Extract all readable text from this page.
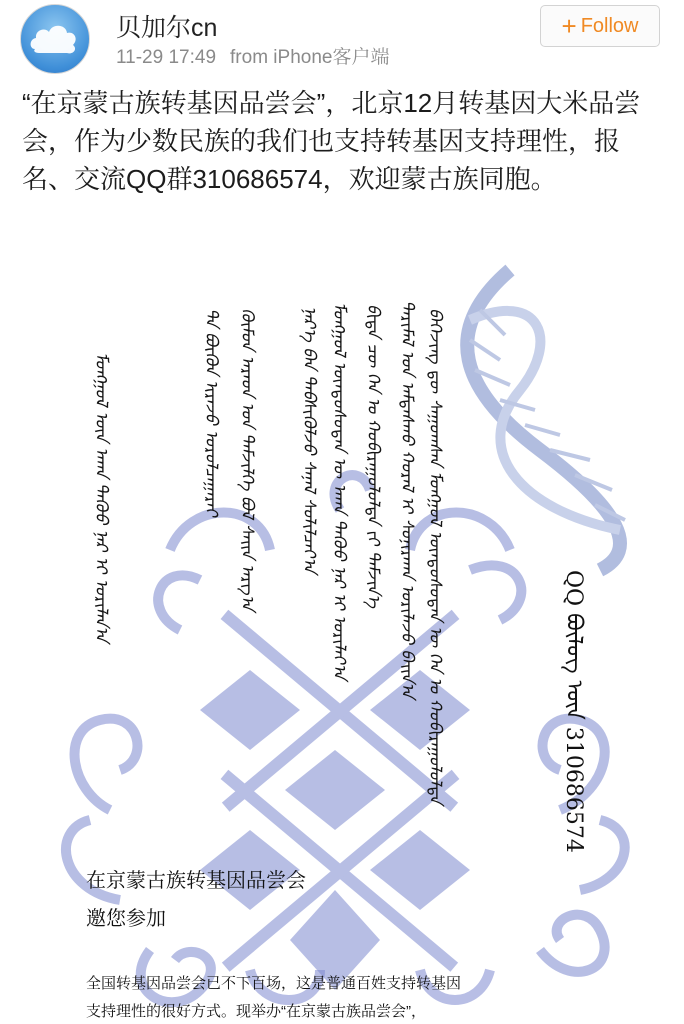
贝加尔cn
11-29 17:49 from iPhone客户端
+ Follow
“在京蒙古族转基因品尝会”，北京12月转基因大米品尝会，作为少数民族的我们也支持转基因支持理性，报名、交流QQ群310686574，欢迎蒙古族同胞。
ᠪᠡᠭᠡᠵᠢᠩ ᠳᠦ ᠰᠠᠭᠤᠭᠰᠠᠨ ᠮᠣᠩᠭᠣᠯ ᠦᠨᠳᠦᠰᠦᠲᠡᠨ ᠦ ᠭᠡᠨ ᠤ ᠬᠤᠪᠢᠷᠠᠭᠤᠯᠤᠯᠲᠠ
ᠲᠠᠷᠢᠮᠠᠯ ᠤᠨ ᠠᠮᠲᠠᠰᠬᠤ ᠬᠤᠷᠠᠯ ᠢ ᠰᠣᠨᠢᠷᠬᠠᠨ ᠤᠷᠢᠯᠠᠵᠤ ᠪᠠᠢᠨ᠎ᠠ
ᠪᠢᠳᠡ ᠴᠦ ᠭᠡᠨ ᠤ ᠬᠤᠪᠢᠷᠠᠭᠤᠯᠤᠯᠲᠠ ᠵᠢ ᠳᠡᠮᠵᠢᠨ᠎ᠡ
ᠮᠣᠩᠭᠣᠯ ᠦᠨᠳᠦᠰᠦᠲᠡᠨ ᠦ ᠠᠬᠠ ᠳᠡᠭᠦᠦ ᠨᠠᠷ ᠢ ᠤᠷᠢᠯᠠᠶ᠎ᠠ
ᠨᠡᠷ᠎ᠡ ᠪᠡᠨ ᠳᠡᠪᠰᠢᠭᠦᠯᠵᠦ ᠰᠠᠨᠠᠯ ᠰᠣᠯᠢᠯᠴᠠᠶ᠎ᠠ
ᠬᠦᠮᠦᠨ ᠠᠷᠠᠳ ᠤᠨ ᠳᠡᠮᠵᠢᠯᠭᠡ ᠪᠣᠯ ᠰᠠᠢᠨ ᠠᠷᠭ᠎ᠠ
ᠲᠠ ᠪᠦᠬᠦᠨ ᠢᠷᠡᠵᠦ ᠣᠷᠣᠯᠴᠠᠭᠠᠷᠠᠢ
ᠮᠣᠩᠭᠣᠯ ᠦᠨ ᠠᠬᠠ ᠳᠡᠭᠦᠦ ᠨᠠᠷ ᠢ ᠤᠷᠢᠯᠠᠨ᠎ᠠ
QQ ᠪᠦᠯᠦᠭ ᠦᠨ 310686574
在京蒙古族转基因品尝会
邀您参加
全国转基因品尝会已不下百场，这是普通百姓支持转基因
支持理性的很好方式。现举办“在京蒙古族品尝会”，
